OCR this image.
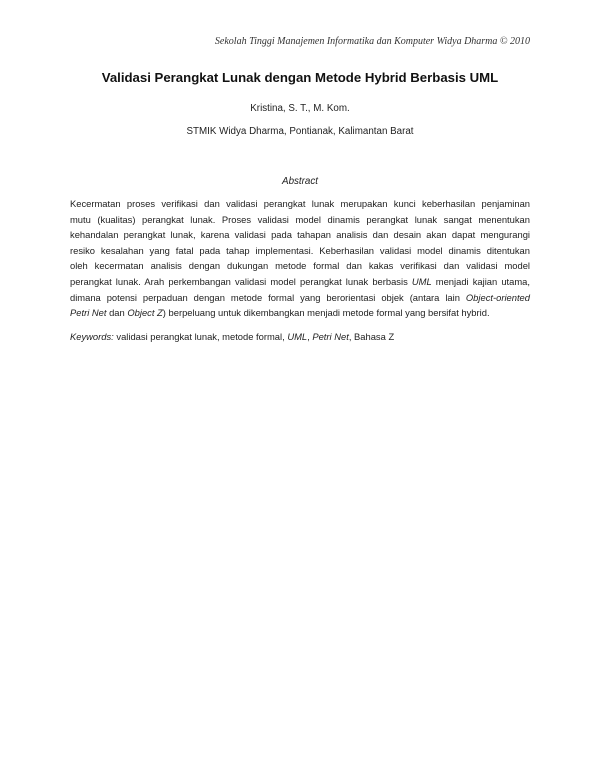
Sekolah Tinggi Manajemen Informatika dan Komputer Widya Dharma © 2010
Validasi Perangkat Lunak dengan Metode Hybrid Berbasis UML
Kristina, S. T., M. Kom.
STMIK Widya Dharma, Pontianak, Kalimantan Barat
Abstract
Kecermatan proses verifikasi dan validasi perangkat lunak merupakan kunci keberhasilan penjaminan
mutu (kualitas) perangkat lunak. Proses validasi model dinamis perangkat lunak sangat menentukan
kehandalan perangkat lunak, karena validasi pada tahapan analisis dan desain akan dapat mengurangi
resiko kesalahan yang fatal pada tahap implementasi. Keberhasilan validasi model dinamis ditentukan
oleh kecermatan analisis dengan dukungan metode formal dan kakas verifikasi dan validasi model
perangkat lunak. Arah perkembangan validasi model perangkat lunak berbasis UML menjadi kajian utama,
dimana potensi perpaduan dengan metode formal yang berorientasi objek (antara lain Object-oriented
Petri Net dan Object Z) berpeluang untuk dikembangkan menjadi metode formal yang bersifat hybrid.
Keywords: validasi perangkat lunak, metode formal, UML, Petri Net, Bahasa Z
